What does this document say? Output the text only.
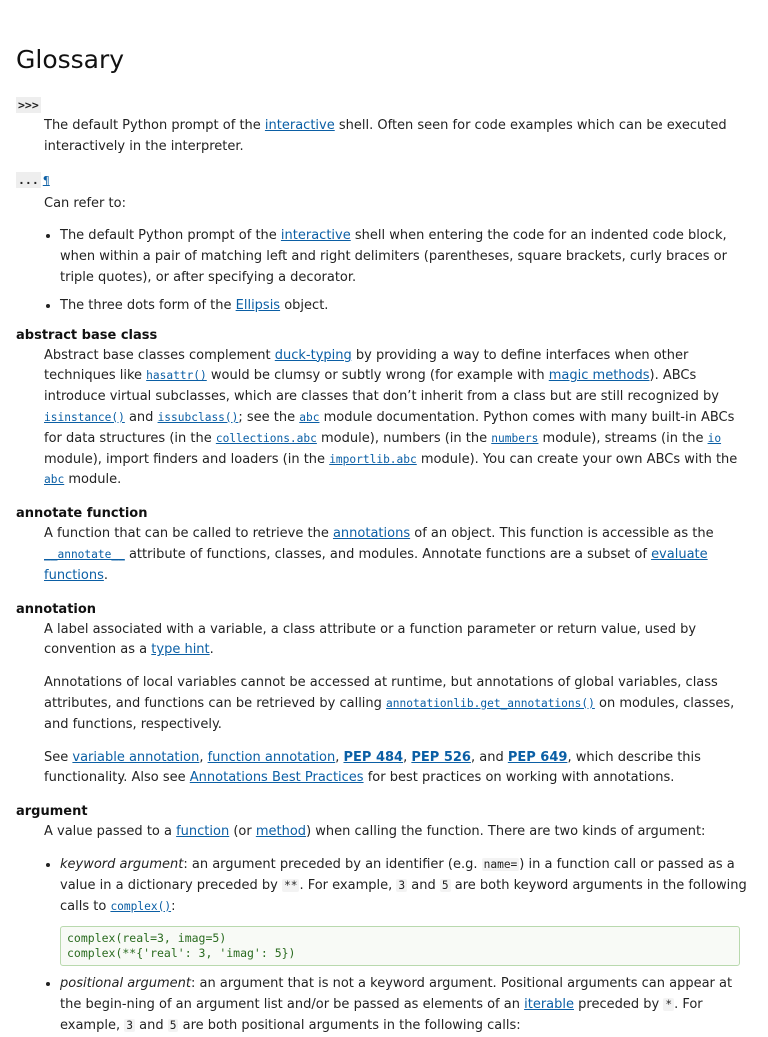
Glossary
>>>

The default Python prompt of the interactive shell. Often seen for code examples which can be executed interactively in the interpreter.

... ¶

Can refer to:

• The default Python prompt of the interactive shell when entering the code for an indented code block, when within a pair of matching left and right delimiters (parentheses, square brackets, curly braces or triple quotes), or after specifying a decorator.
• The three dots form of the Ellipsis object.
abstract base class

Abstract base classes complement duck-typing by providing a way to define interfaces when other techniques like hasattr() would be clumsy or subtly wrong (for example with magic methods). ABCs introduce virtual subclasses, which are classes that don’t inherit from a class but are still recognized by isinstance() and issubclass(); see the abc module documentation. Python comes with many built-in ABCs for data structures (in the collections.abc module), numbers (in the numbers module), streams (in the io module), import finders and loaders (in the importlib.abc module). You can create your own ABCs with the abc module.

annotate function

A function that can be called to retrieve the annotations of an object. This function is accessible as the __annotate__ attribute of functions, classes, and modules. Annotate functions are a subset of evaluate functions.

annotation

A label associated with a variable, a class attribute or a function parameter or return value, used by convention as a type hint.

Annotations of local variables cannot be accessed at runtime, but annotations of global variables, class attributes, and functions can be retrieved by calling annotationlib.get_annotations() on modules, classes, and functions, respectively.

See variable annotation, function annotation, PEP 484, PEP 526, and PEP 649, which describe this functionality. Also see Annotations Best Practices for best practices on working with annotations.

argument

A value passed to a function (or method) when calling the function. There are two kinds of argument:

• keyword argument: an argument preceded by an identifier (e.g. name= ) in a function call or passed as a value in a dictionary preceded by ** . For example, 3 and 5 are both keyword arguments in the following calls to complex():
complex(real=3, imag=5)
complex(**{'real': 3, 'imag': 5})
• positional argument: an argument that is not a keyword argument. Positional arguments can appear at the begin-ning of an argument list and/or be passed as elements of an iterable preceded by * . For example, 3 and 5 are both positional arguments in the following calls:
